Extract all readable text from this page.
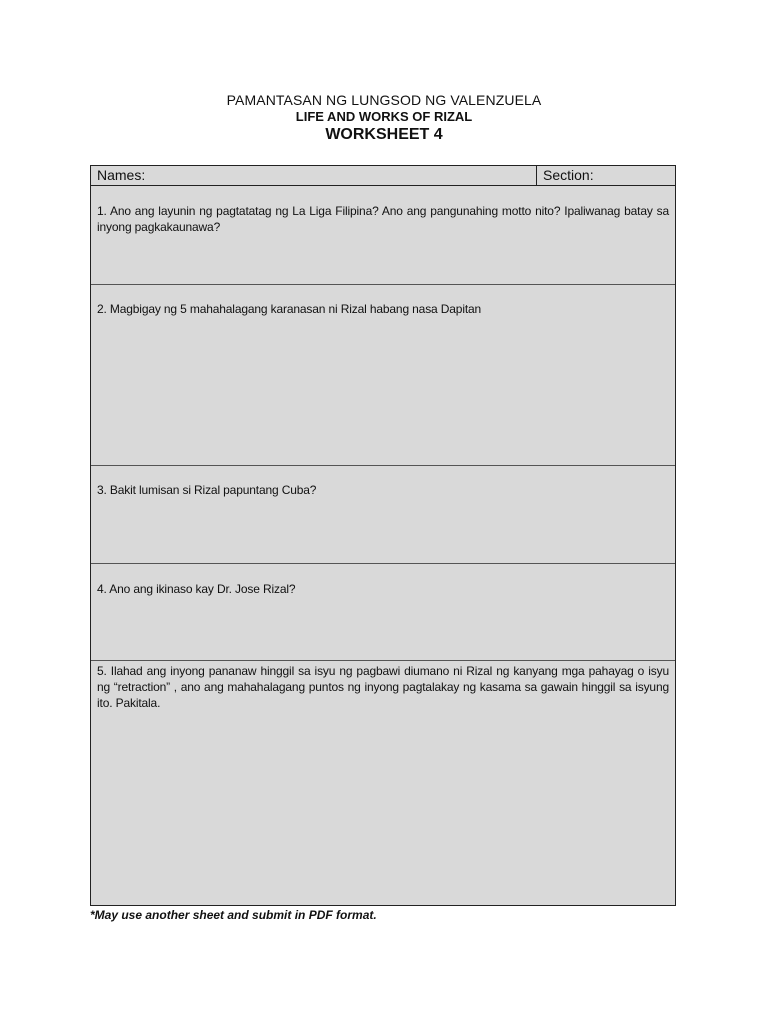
PAMANTASAN NG LUNGSOD NG VALENZUELA
LIFE AND WORKS OF RIZAL
WORKSHEET 4
Names:	Section:
1. Ano ang layunin ng pagtatatag ng La Liga Filipina? Ano ang pangunahing motto nito? Ipaliwanag batay sa inyong pagkakaunawa?
2. Magbigay ng 5 mahahalagang karanasan ni Rizal habang nasa Dapitan
3. Bakit lumisan si Rizal papuntang Cuba?
4. Ano ang ikinaso kay Dr. Jose Rizal?
5. Ilahad ang inyong pananaw hinggil sa isyu ng pagbawi diumano ni Rizal ng kanyang mga pahayag o isyu ng “retraction” , ano ang mahahalagang puntos ng inyong pagtalakay ng kasama sa gawain hinggil sa isyung ito. Pakitala.
*May use another sheet and submit in PDF format.
